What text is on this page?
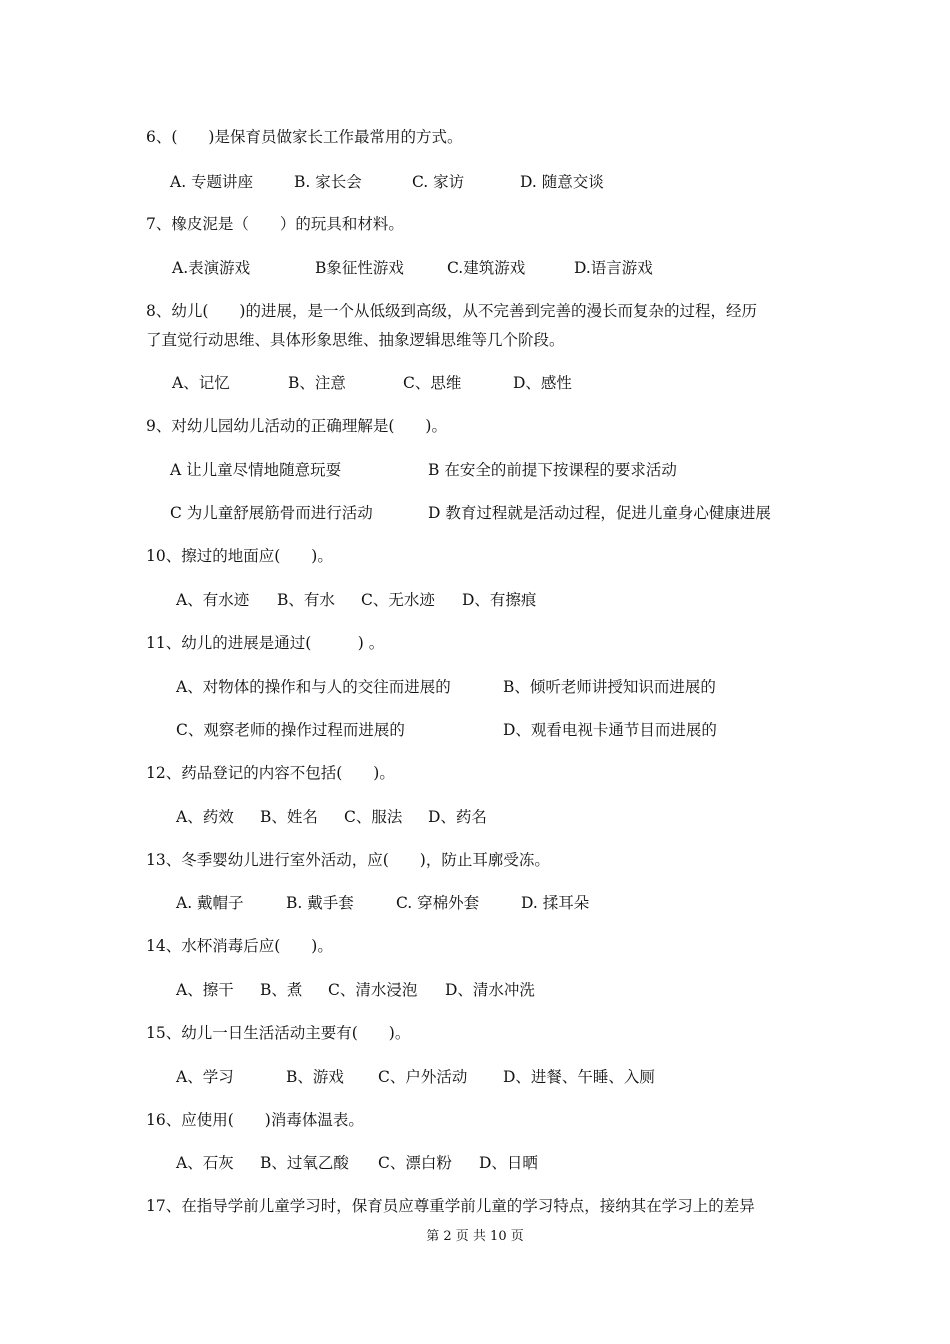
6、(　　)是保育员做家长工作最常用的方式。
A. 专题讲座	B. 家长会	C. 家访	D. 随意交谈
7、橡皮泥是（　　）的玩具和材料。
A.表演游戏	B象征性游戏	C.建筑游戏	D.语言游戏
8、幼儿(　　)的进展，是一个从低级到高级，从不完善到完善的漫长而复杂的过程，经历
了直觉行动思维、具体形象思维、抽象逻辑思维等几个阶段。
A、记忆	B、注意	C、思维	D、感性
9、对幼儿园幼儿活动的正确理解是(　　)。
A 让儿童尽情地随意玩耍	B 在安全的前提下按课程的要求活动
C 为儿童舒展筋骨而进行活动	D 教育过程就是活动过程，促进儿童身心健康进展
10、擦过的地面应(　　)。
A、有水迹 B、有水 C、无水迹 D、有擦痕
11、幼儿的进展是通过(　　　) 。
A、对物体的操作和与人的交往而进展的	B、倾听老师讲授知识而进展的
C、观察老师的操作过程而进展的	D、观看电视卡通节目而进展的
12、药品登记的内容不包括(　　)。
A、药效 B、姓名 C、服法 D、药名
13、冬季婴幼儿进行室外活动，应(　　)，防止耳廓受冻。
A. 戴帽子	B. 戴手套	C. 穿棉外套	D. 揉耳朵
14、水杯消毒后应(　　)。
A、擦干 B、煮 C、清水浸泡 D、清水冲洗
15、幼儿一日生活活动主要有(　　)。
A、学习	B、游戏 C、户外活动 D、进餐、午睡、入厕
16、应使用(　　)消毒体温表。
A、石灰 B、过氧乙酸 C、漂白粉 D、日晒
17、在指导学前儿童学习时，保育员应尊重学前儿童的学习特点，接纳其在学习上的差异
第 2 页 共 10 页
